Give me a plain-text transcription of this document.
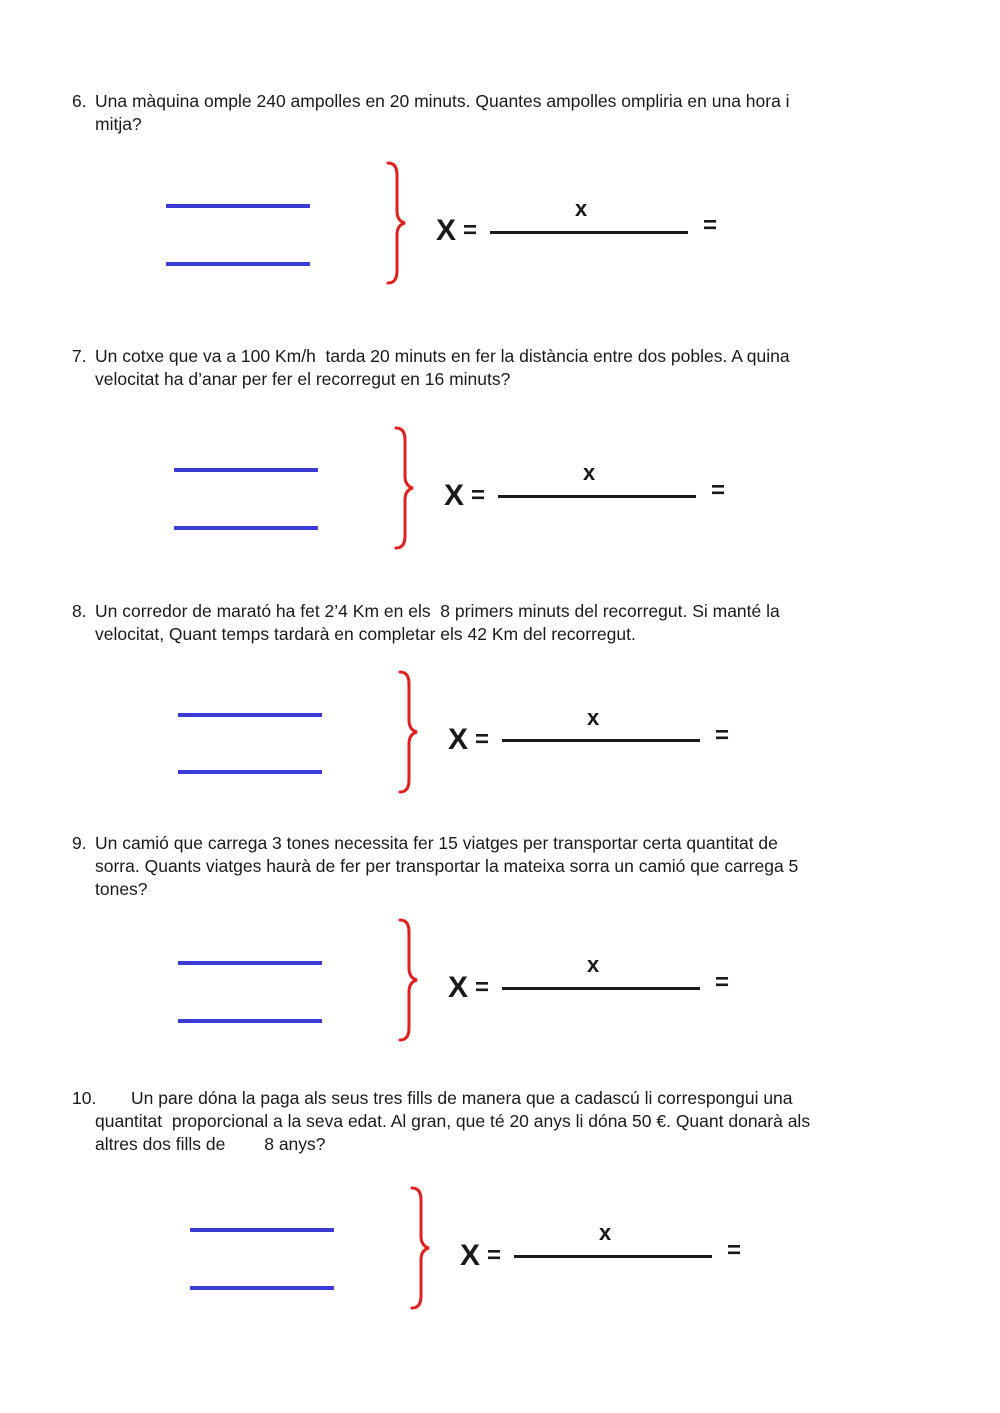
6. Una màquina omple 240 ampolles en 20 minuts. Quantes ampolles ompliria en una hora i
mitja?
X =
x
=
7. Un cotxe que va a 100 Km/h  tarda 20 minuts en fer la distància entre dos pobles. A quina
velocitat ha d’anar per fer el recorregut en 16 minuts?
X =
x
=
8. Un corredor de marató ha fet 2’4 Km en els  8 primers minuts del recorregut. Si manté la
velocitat, Quant temps tardarà en completar els 42 Km del recorregut.
X =
x
=
9. Un camió que carrega 3 tones necessita fer 15 viatges per transportar certa quantitat de
sorra. Quants viatges haurà de fer per transportar la mateixa sorra un camió que carrega 5
tones?
X =
x
=
10. Un pare dóna la paga als seus tres fills de manera que a cadascú li correspongui una
quantitat  proporcional a la seva edat. Al gran, que té 20 anys li dóna 50 €. Quant donarà als
altres dos fills de        8 anys?
X =
x
=
